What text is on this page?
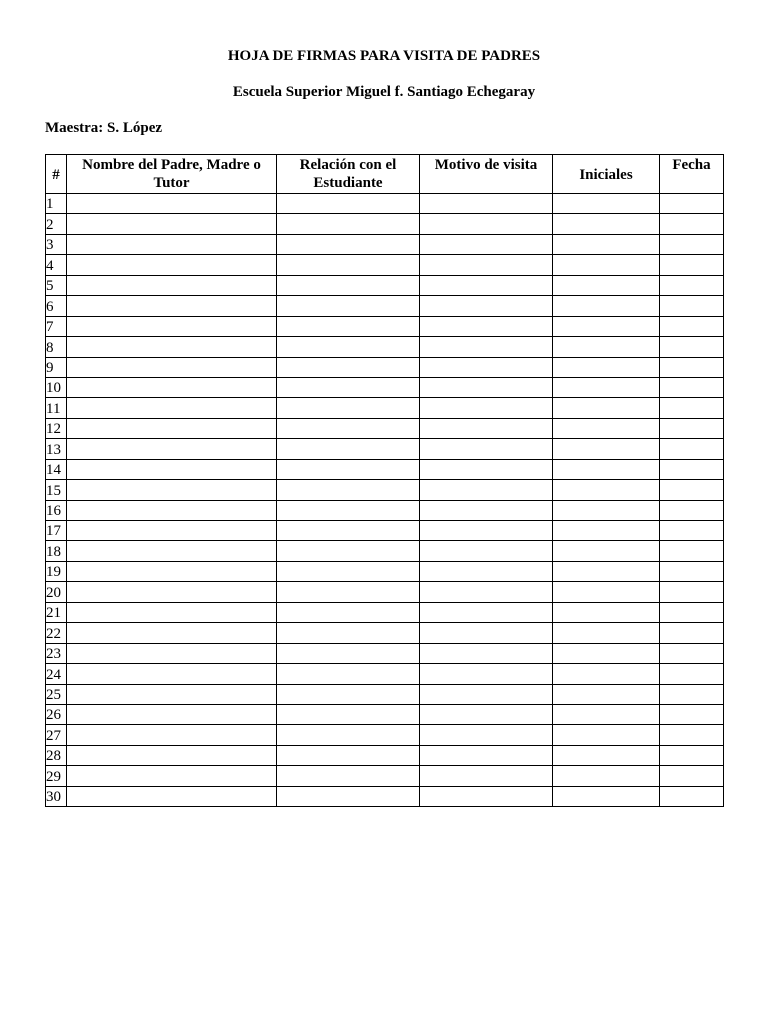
HOJA DE FIRMAS PARA VISITA DE PADRES
Escuela Superior Miguel f. Santiago Echegaray
Maestra: S. López
#	Nombre del Padre, Madre o Tutor	Relación con el Estudiante	Motivo de visita	Iniciales	Fecha
1					
2					
3					
4					
5					
6					
7					
8					
9					
10					
11					
12					
13					
14					
15					
16					
17					
18					
19					
20					
21					
22					
23					
24					
25					
26					
27					
28					
29					
30					
